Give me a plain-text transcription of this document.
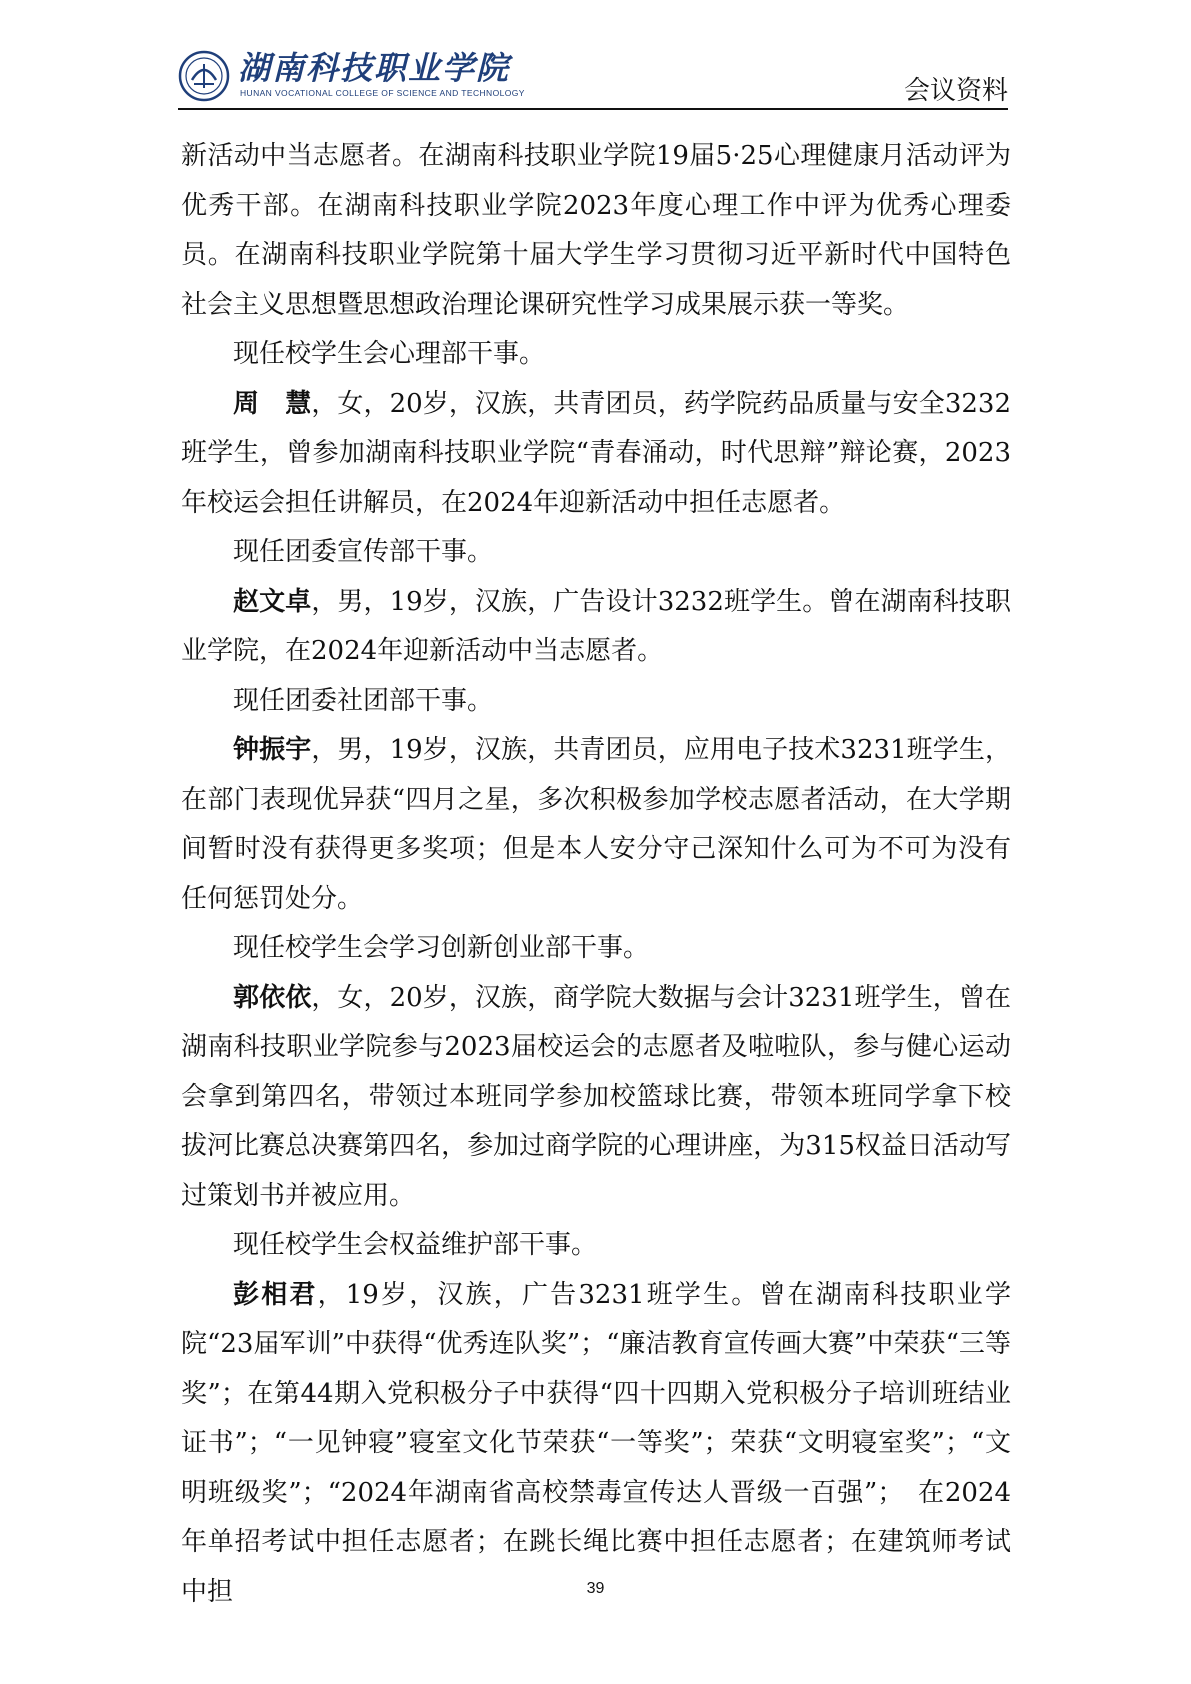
湖南科技职业学院
HUNAN VOCATIONAL COLLEGE OF SCIENCE AND TECHNOLOGY	会议资料

新活动中当志愿者。在湖南科技职业学院19届5·25心理健康月活动评为优秀干部。在湖南科技职业学院2023年度心理工作中评为优秀心理委员。在湖南科技职业学院第十届大学生学习贯彻习近平新时代中国特色社会主义思想暨思想政治理论课研究性学习成果展示获一等奖。

现任校学生会心理部干事。

周　慧，女，20岁，汉族，共青团员，药学院药品质量与安全3232班学生，曾参加湖南科技职业学院“青春涌动，时代思辩”辩论赛，2023年校运会担任讲解员，在2024年迎新活动中担任志愿者。

现任团委宣传部干事。

赵文卓，男，19岁，汉族，广告设计3232班学生。曾在湖南科技职业学院，在2024年迎新活动中当志愿者。

现任团委社团部干事。

钟振宇，男，19岁，汉族，共青团员，应用电子技术3231班学生，在部门表现优异获“四月之星，多次积极参加学校志愿者活动，在大学期间暂时没有获得更多奖项；但是本人安分守己深知什么可为不可为没有任何惩罚处分。

现任校学生会学习创新创业部干事。

郭依依，女，20岁，汉族，商学院大数据与会计3231班学生，曾在湖南科技职业学院参与2023届校运会的志愿者及啦啦队，参与健心运动会拿到第四名，带领过本班同学参加校篮球比赛，带领本班同学拿下校拔河比赛总决赛第四名，参加过商学院的心理讲座，为315权益日活动写过策划书并被应用。

现任校学生会权益维护部干事。

彭相君，19岁，汉族，广告3231班学生。曾在湖南科技职业学院“23届军训”中获得“优秀连队奖”；“廉洁教育宣传画大赛”中荣获“三等奖”；在第44期入党积极分子中获得“四十四期入党积极分子培训班结业证书”；“一见钟寝”寝室文化节荣获“一等奖”；荣获“文明寝室奖”；“文明班级奖”；“2024年湖南省高校禁毒宣传达人晋级一百强”；　在2024年单招考试中担任志愿者；在跳长绳比赛中担任志愿者；在建筑师考试中担	39
